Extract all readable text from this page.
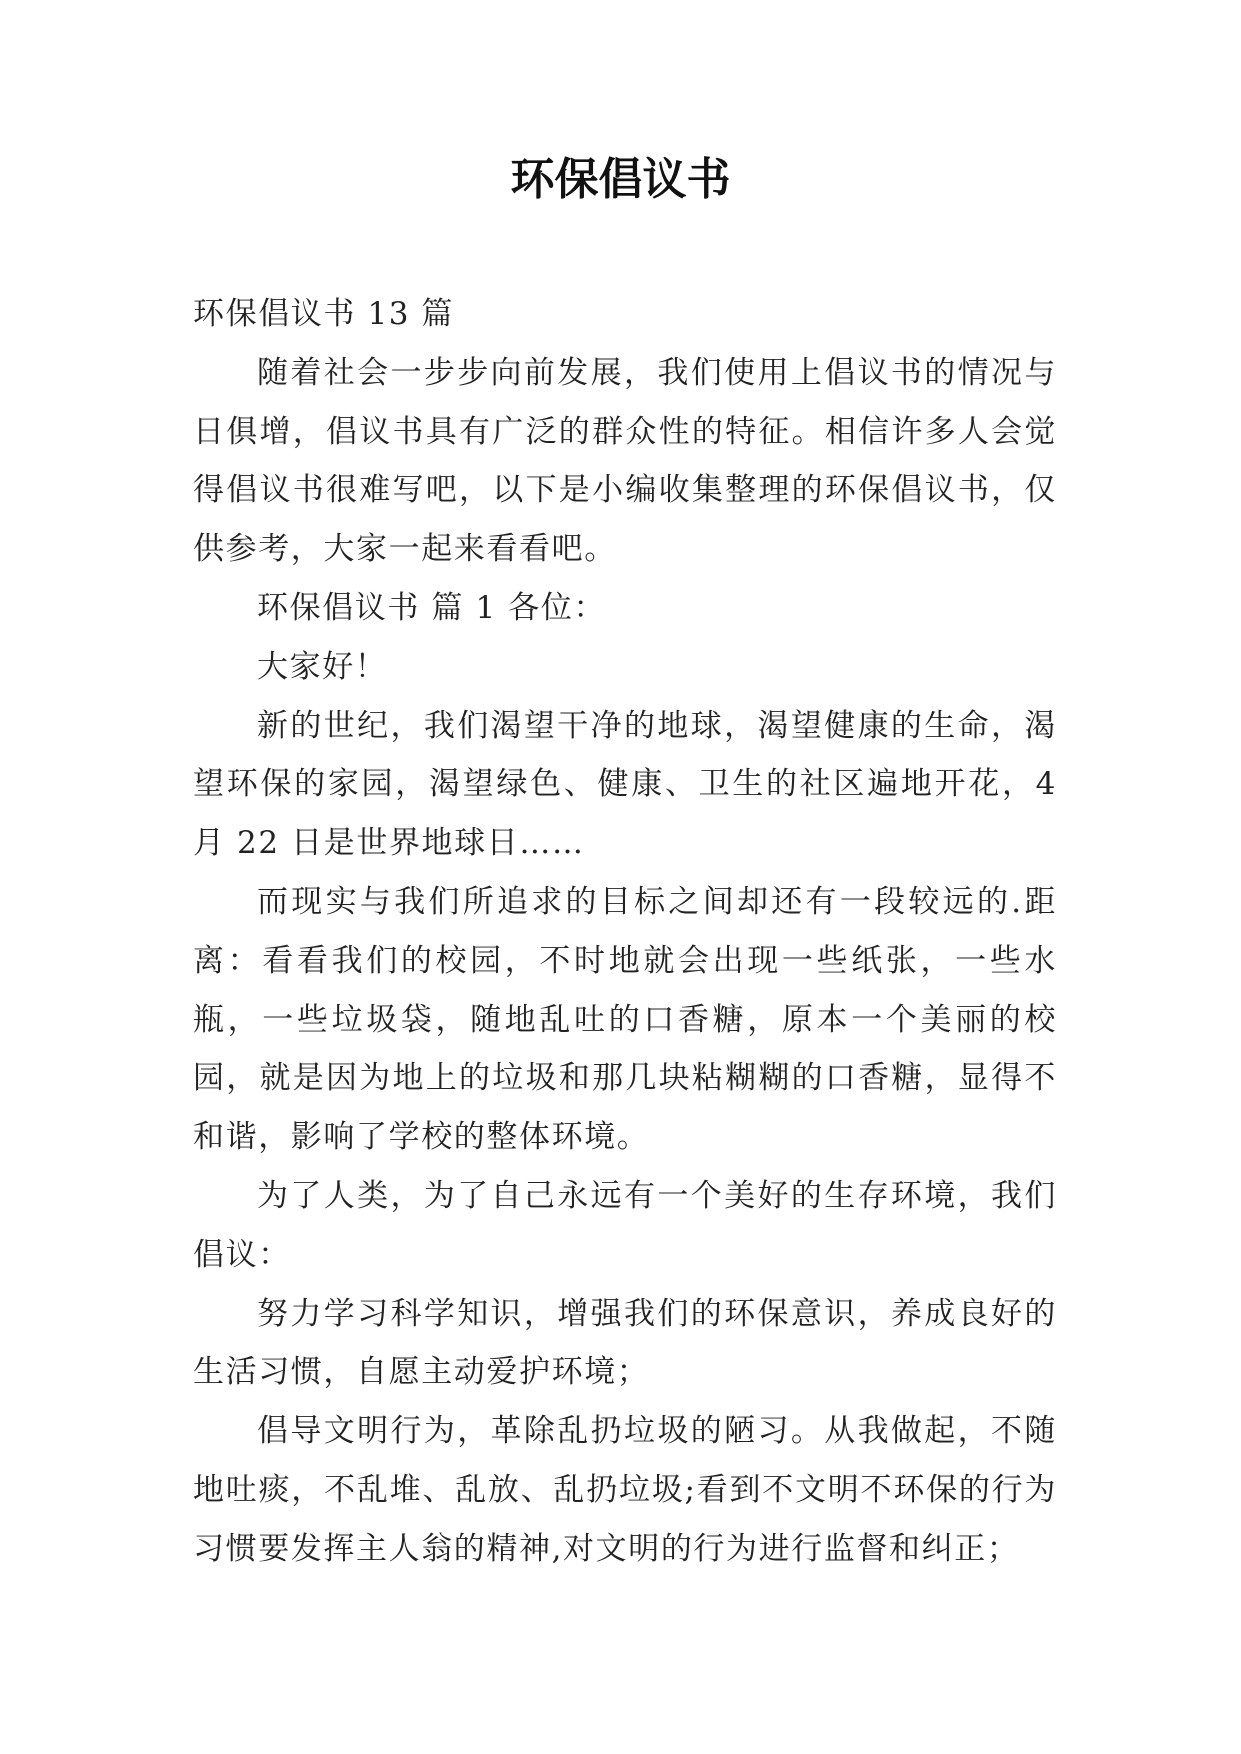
环保倡议书

环保倡议书 13 篇

随着社会一步步向前发展，我们使用上倡议书的情况与日俱增，倡议书具有广泛的群众性的特征。相信许多人会觉得倡议书很难写吧，以下是小编收集整理的环保倡议书，仅供参考，大家一起来看看吧。

环保倡议书 篇 1 各位：

大家好！

新的世纪，我们渴望干净的地球，渴望健康的生命，渴望环保的家园，渴望绿色、健康、卫生的社区遍地开花，4 月 22 日是世界地球日……

而现实与我们所追求的目标之间却还有一段较远的.距离：看看我们的校园，不时地就会出现一些纸张，一些水瓶，一些垃圾袋，随地乱吐的口香糖，原本一个美丽的校园，就是因为地上的垃圾和那几块粘糊糊的口香糖，显得不和谐，影响了学校的整体环境。

为了人类，为了自己永远有一个美好的生存环境，我们倡议：

努力学习科学知识，增强我们的环保意识，养成良好的生活习惯，自愿主动爱护环境；

倡导文明行为，革除乱扔垃圾的陋习。从我做起，不随地吐痰，不乱堆、乱放、乱扔垃圾;看到不文明不环保的行为习惯要发挥主人翁的精神,对文明的行为进行监督和纠正；
